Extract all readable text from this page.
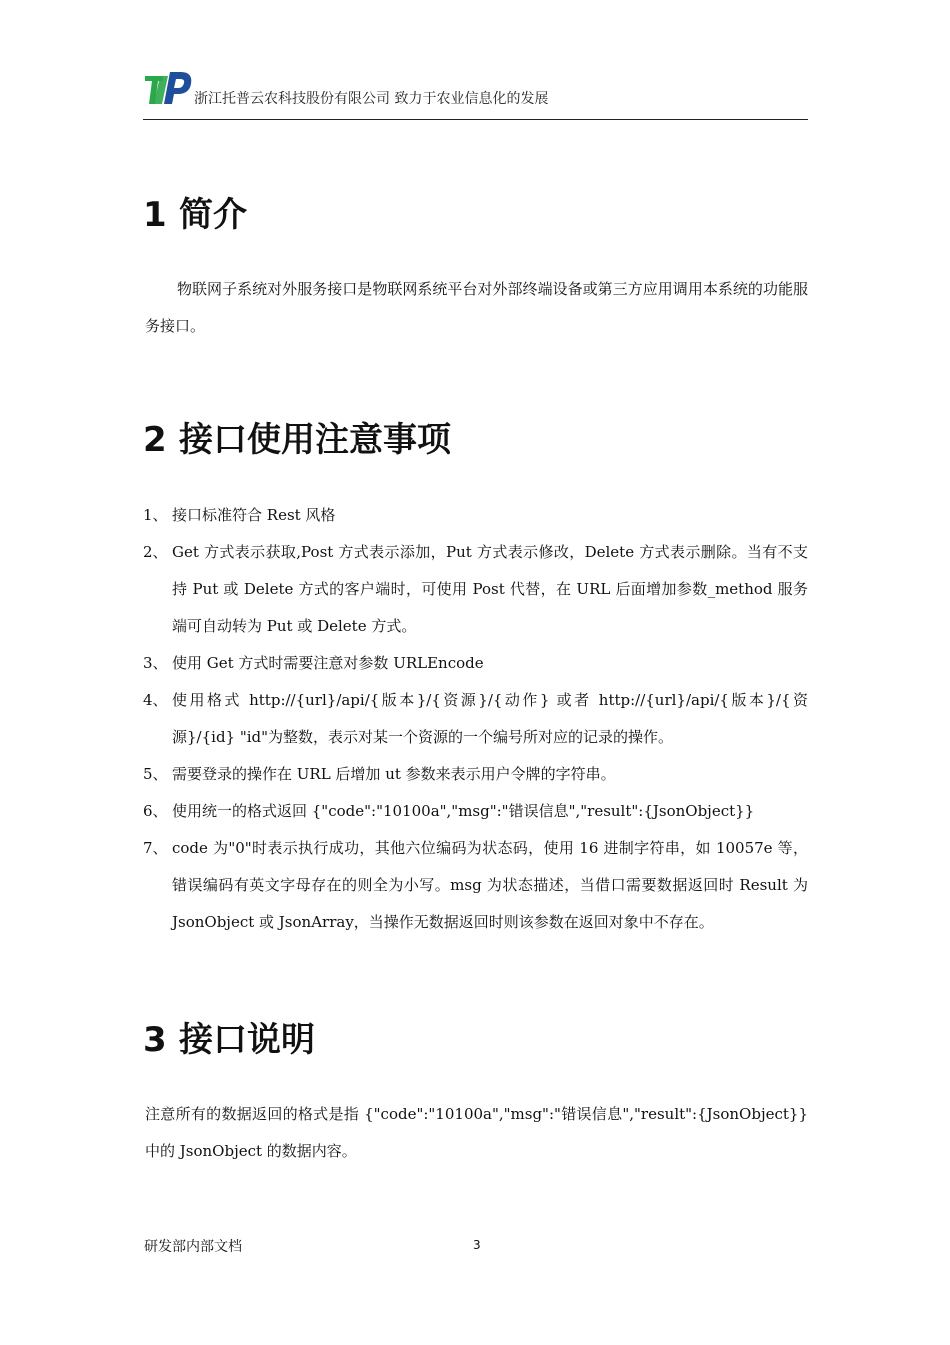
浙江托普云农科技股份有限公司 致力于农业信息化的发展
1 简介

物联网子系统对外服务接口是物联网系统平台对外部终端设备或第三方应用调用本系统的功能服务接口。

2 接口使用注意事项
1、 接口标准符合 Rest 风格
2、 Get 方式表示获取,Post 方式表示添加，Put 方式表示修改，Delete 方式表示删除。当有不支持 Put 或 Delete 方式的客户端时，可使用 Post 代替，在 URL 后面增加参数_method 服务端可自动转为 Put 或 Delete 方式。
3、 使用 Get 方式时需要注意对参数 URLEncode
4、 使用格式 http://{url}/api/{版本}/{资源}/{动作} 或者 http://{url}/api/{版本}/{资源}/{id} "id"为整数，表示对某一个资源的一个编号所对应的记录的操作。
5、 需要登录的操作在 URL 后增加 ut 参数来表示用户令牌的字符串。
6、 使用统一的格式返回 {"code":"10100a","msg":"错误信息","result":{JsonObject}}
7、 code 为"0"时表示执行成功，其他六位编码为状态码，使用 16 进制字符串，如 10057e 等，错误编码有英文字母存在的则全为小写。msg 为状态描述，当借口需要数据返回时 Result 为 JsonObject 或 JsonArray，当操作无数据返回时则该参数在返回对象中不存在。
3 接口说明

注意所有的数据返回的格式是指 {"code":"10100a","msg":"错误信息","result":{JsonObject}} 中的 JsonObject 的数据内容。

研发部内部文档	3
